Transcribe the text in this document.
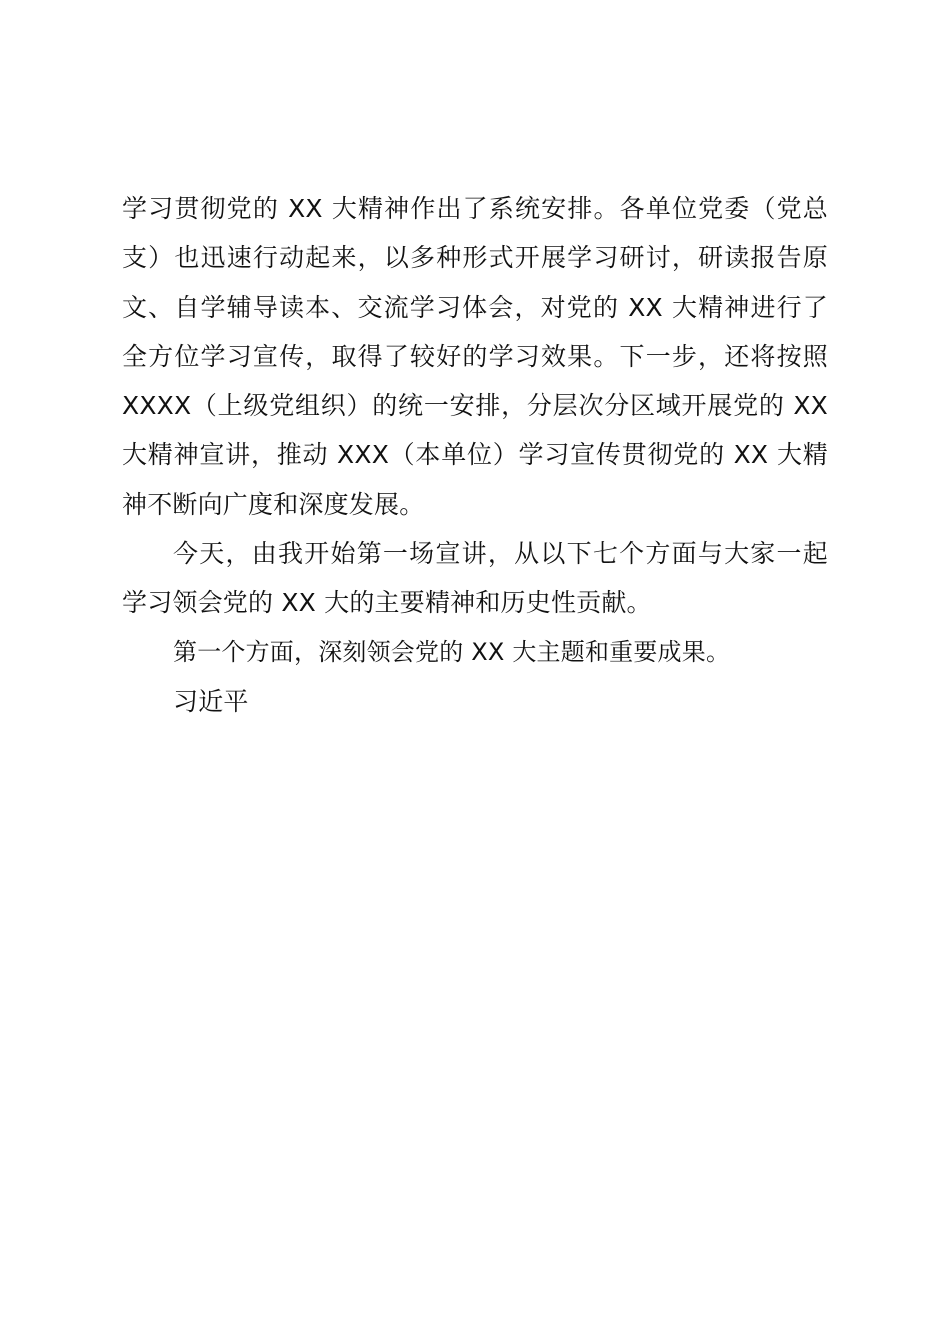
学习贯彻党的 XX 大精神作出了系统安排。各单位党委（党总
支）也迅速行动起来，以多种形式开展学习研讨，研读报告原
文、自学辅导读本、交流学习体会，对党的 XX 大精神进行了
全方位学习宣传，取得了较好的学习效果。下一步，还将按照
XXXX（上级党组织）的统一安排，分层次分区域开展党的 XX
大精神宣讲，推动 XXX（本单位）学习宣传贯彻党的 XX 大精
神不断向广度和深度发展。
今天，由我开始第一场宣讲，从以下七个方面与大家一起
学习领会党的 XX 大的主要精神和历史性贡献。
第一个方面，深刻领会党的 XX 大主题和重要成果。
习近平
